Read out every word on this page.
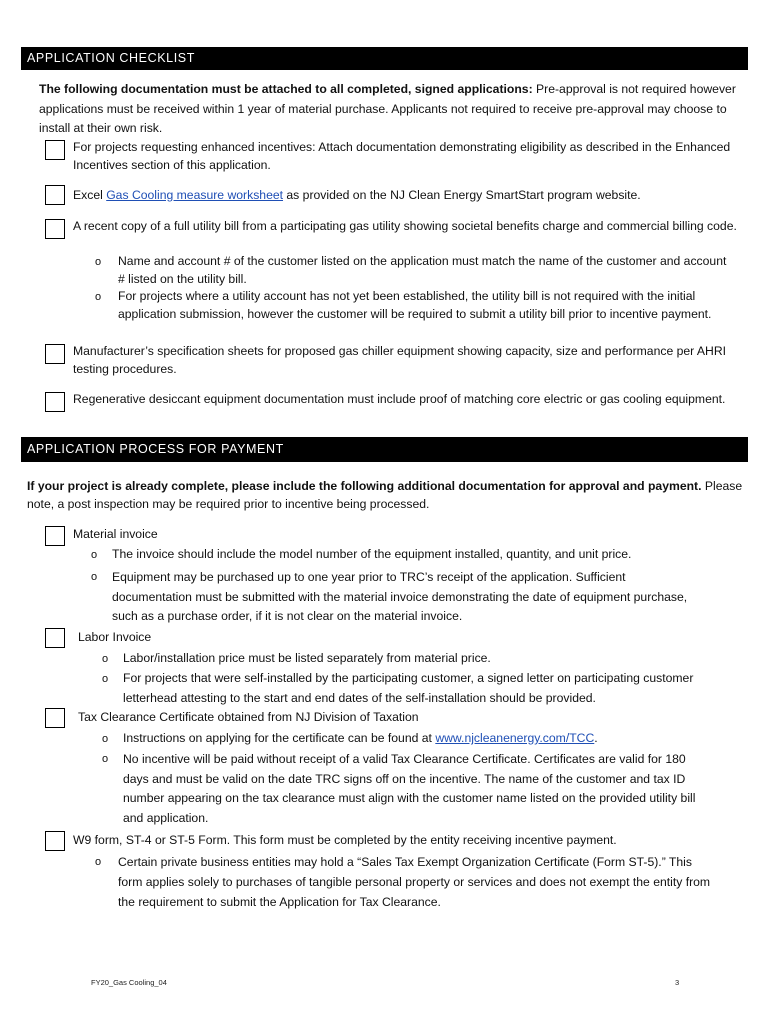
APPLICATION CHECKLIST
The following documentation must be attached to all completed, signed applications: Pre-approval is not required however applications must be received within 1 year of material purchase. Applicants not required to receive pre-approval may choose to install at their own risk.
For projects requesting enhanced incentives: Attach documentation demonstrating eligibility as described in the Enhanced Incentives section of this application.
Excel Gas Cooling measure worksheet as provided on the NJ Clean Energy SmartStart program website.
A recent copy of a full utility bill from a participating gas utility showing societal benefits charge and commercial billing code.
o Name and account # of the customer listed on the application must match the name of the customer and account # listed on the utility bill.
o For projects where a utility account has not yet been established, the utility bill is not required with the initial application submission, however the customer will be required to submit a utility bill prior to incentive payment.
Manufacturer’s specification sheets for proposed gas chiller equipment showing capacity, size and performance per AHRI testing procedures.
Regenerative desiccant equipment documentation must include proof of matching core electric or gas cooling equipment.
APPLICATION PROCESS FOR PAYMENT
If your project is already complete, please include the following additional documentation for approval and payment. Please note, a post inspection may be required prior to incentive being processed.
Material invoice
o The invoice should include the model number of the equipment installed, quantity, and unit price.
o Equipment may be purchased up to one year prior to TRC’s receipt of the application. Sufficient documentation must be submitted with the material invoice demonstrating the date of equipment purchase, such as a purchase order, if it is not clear on the material invoice.
Labor Invoice
o Labor/installation price must be listed separately from material price.
o For projects that were self-installed by the participating customer, a signed letter on participating customer letterhead attesting to the start and end dates of the self-installation should be provided.
Tax Clearance Certificate obtained from NJ Division of Taxation
o Instructions on applying for the certificate can be found at www.njcleanenergy.com/TCC.
o No incentive will be paid without receipt of a valid Tax Clearance Certificate. Certificates are valid for 180 days and must be valid on the date TRC signs off on the incentive. The name of the customer and tax ID number appearing on the tax clearance must align with the customer name listed on the provided utility bill and application.
W9 form, ST-4 or ST-5 Form. This form must be completed by the entity receiving incentive payment.
o Certain private business entities may hold a “Sales Tax Exempt Organization Certificate (Form ST-5).” This form applies solely to purchases of tangible personal property or services and does not exempt the entity from the requirement to submit the Application for Tax Clearance.
FY20_Gas Cooling_04	3
